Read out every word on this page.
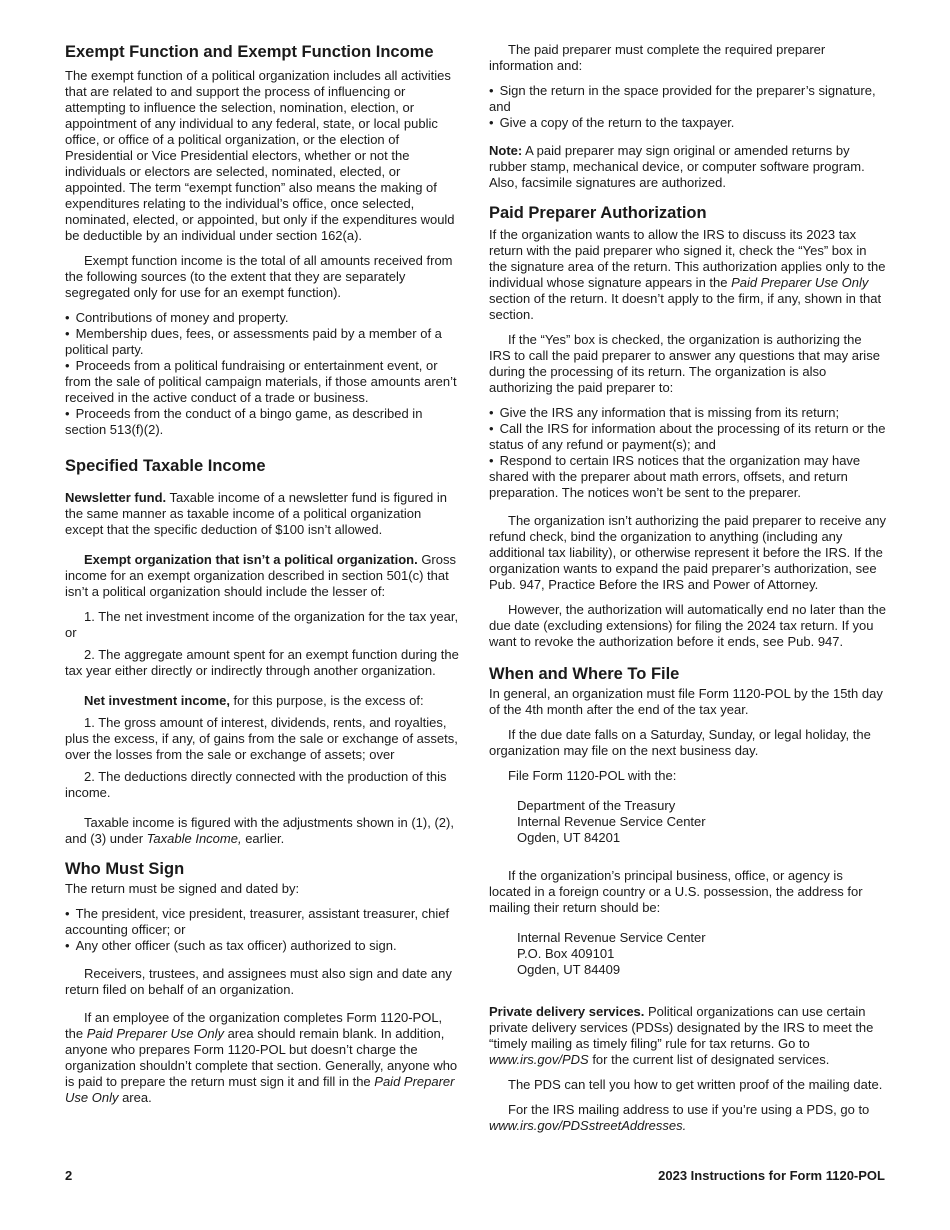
Exempt Function and Exempt Function Income

The exempt function of a political organization includes all activities that are related to and support the process of influencing or attempting to influence the selection, nomination, election, or appointment of any individual to any federal, state, or local public office, or office of a political organization, or the election of Presidential or Vice Presidential electors, whether or not the individuals or electors are selected, nominated, elected, or appointed. The term “exempt function” also means the making of expenditures relating to the individual’s office, once selected, nominated, elected, or appointed, but only if the expenditures would be deductible by an individual under section 162(a).

Exempt function income is the total of all amounts received from the following sources (to the extent that they are separately segregated only for use for an exempt function).

• Contributions of money and property.
• Membership dues, fees, or assessments paid by a member of a political party.
• Proceeds from a political fundraising or entertainment event, or from the sale of political campaign materials, if those amounts aren’t received in the active conduct of a trade or business.
• Proceeds from the conduct of a bingo game, as described in section 513(f)(2).
Specified Taxable Income

Newsletter fund. Taxable income of a newsletter fund is figured in the same manner as taxable income of a political organization except that the specific deduction of $100 isn’t allowed.

Exempt organization that isn’t a political organization. Gross income for an exempt organization described in section 501(c) that isn’t a political organization should include the lesser of:

1. The net investment income of the organization for the tax year, or

2. The aggregate amount spent for an exempt function during the tax year either directly or indirectly through another organization.

Net investment income, for this purpose, is the excess of:

1. The gross amount of interest, dividends, rents, and royalties, plus the excess, if any, of gains from the sale or exchange of assets, over the losses from the sale or exchange of assets; over

2. The deductions directly connected with the production of this income.

Taxable income is figured with the adjustments shown in (1), (2), and (3) under Taxable Income, earlier.

Who Must Sign

The return must be signed and dated by:

• The president, vice president, treasurer, assistant treasurer, chief accounting officer; or
• Any other officer (such as tax officer) authorized to sign.

Receivers, trustees, and assignees must also sign and date any return filed on behalf of an organization.

If an employee of the organization completes Form 1120-POL, the Paid Preparer Use Only area should remain blank. In addition, anyone who prepares Form 1120-POL but doesn’t charge the organization shouldn’t complete that section. Generally, anyone who is paid to prepare the return must sign it and fill in the Paid Preparer Use Only area.

The paid preparer must complete the required preparer information and:

• Sign the return in the space provided for the preparer’s signature, and
• Give a copy of the return to the taxpayer.

Note: A paid preparer may sign original or amended returns by rubber stamp, mechanical device, or computer software program. Also, facsimile signatures are authorized.

Paid Preparer Authorization

If the organization wants to allow the IRS to discuss its 2023 tax return with the paid preparer who signed it, check the “Yes” box in the signature area of the return. This authorization applies only to the individual whose signature appears in the Paid Preparer Use Only section of the return. It doesn’t apply to the firm, if any, shown in that section.

If the “Yes” box is checked, the organization is authorizing the IRS to call the paid preparer to answer any questions that may arise during the processing of its return. The organization is also authorizing the paid preparer to:

• Give the IRS any information that is missing from its return;
• Call the IRS for information about the processing of its return or the status of any refund or payment(s); and
• Respond to certain IRS notices that the organization may have shared with the preparer about math errors, offsets, and return preparation. The notices won’t be sent to the preparer.

The organization isn’t authorizing the paid preparer to receive any refund check, bind the organization to anything (including any additional tax liability), or otherwise represent it before the IRS. If the organization wants to expand the paid preparer’s authorization, see Pub. 947, Practice Before the IRS and Power of Attorney.

However, the authorization will automatically end no later than the due date (excluding extensions) for filing the 2024 tax return. If you want to revoke the authorization before it ends, see Pub. 947.

When and Where To File

In general, an organization must file Form 1120-POL by the 15th day of the 4th month after the end of the tax year.

If the due date falls on a Saturday, Sunday, or legal holiday, the organization may file on the next business day.

File Form 1120-POL with the:

Department of the Treasury
Internal Revenue Service Center
Ogden, UT 84201

If the organization’s principal business, office, or agency is located in a foreign country or a U.S. possession, the address for mailing their return should be:

Internal Revenue Service Center
P.O. Box 409101
Ogden, UT 84409

Private delivery services. Political organizations can use certain private delivery services (PDSs) designated by the IRS to meet the “timely mailing as timely filing” rule for tax returns. Go to www.irs.gov/PDS for the current list of designated services.

The PDS can tell you how to get written proof of the mailing date.

For the IRS mailing address to use if you’re using a PDS, go to www.irs.gov/PDSstreetAddresses.

2	2023 Instructions for Form 1120-POL
